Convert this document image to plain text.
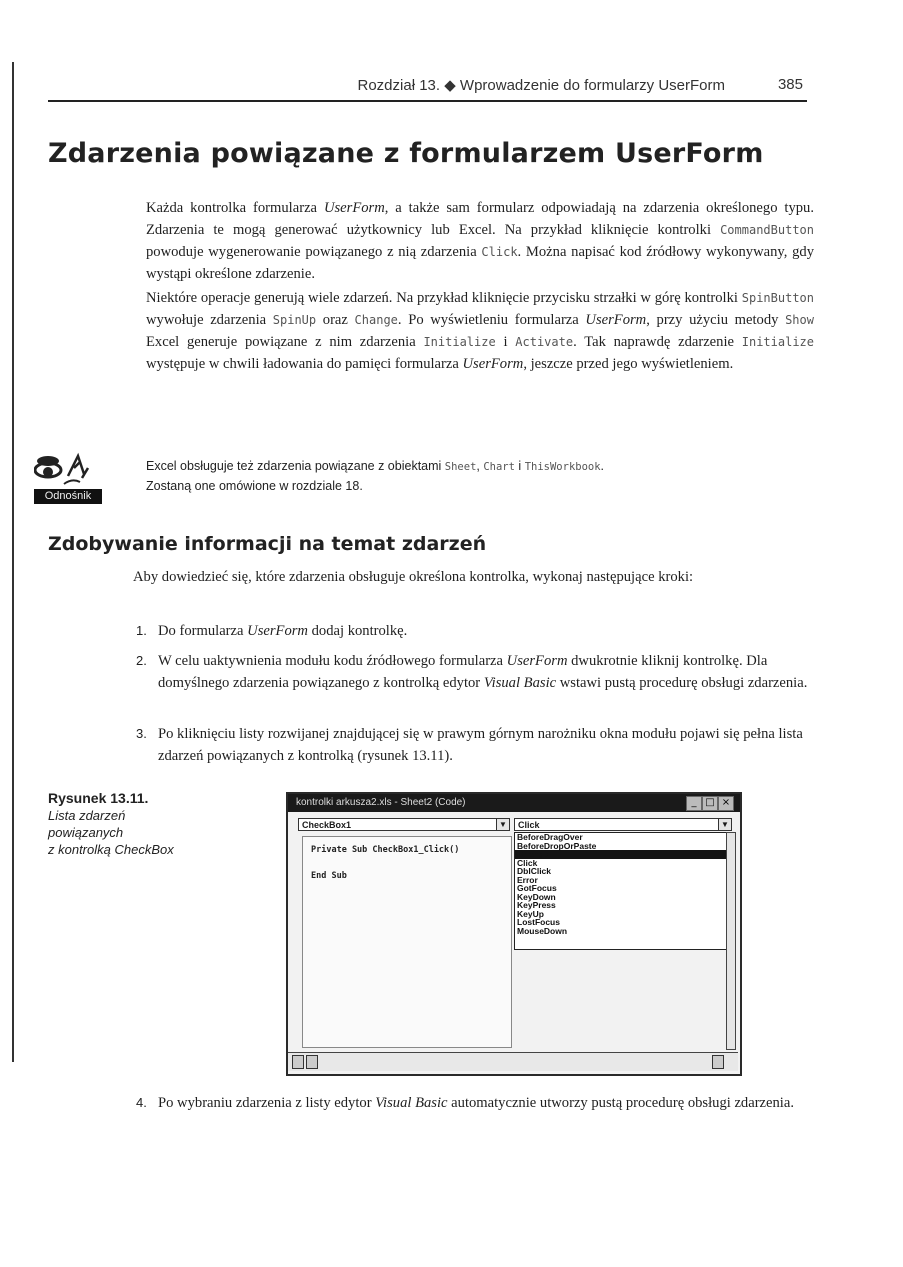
Rozdział 13. ◆ Wprowadzenie do formularzy UserForm	385
Zdarzenia powiązane z formularzem UserForm
Każda kontrolka formularza UserForm, a także sam formularz odpowiadają na zdarzenia określonego typu. Zdarzenia te mogą generować użytkownicy lub Excel. Na przykład kliknięcie kontrolki CommandButton powoduje wygenerowanie powiązanego z nią zdarzenia Click. Można napisać kod źródłowy wykonywany, gdy wystąpi określone zdarzenie.
Niektóre operacje generują wiele zdarzeń. Na przykład kliknięcie przycisku strzałki w górę kontrolki SpinButton wywołuje zdarzenia SpinUp oraz Change. Po wyświetleniu formularza UserForm, przy użyciu metody Show Excel generuje powiązane z nim zdarzenia Initialize i Activate. Tak naprawdę zdarzenie Initialize występuje w chwili ładowania do pamięci formularza UserForm, jeszcze przed jego wyświetleniem.
Odnośnik
Excel obsługuje też zdarzenia powiązane z obiektami Sheet, Chart i ThisWorkbook.
Zostaną one omówione w rozdziale 18.
Zdobywanie informacji na temat zdarzeń
Aby dowiedzieć się, które zdarzenia obsługuje określona kontrolka, wykonaj następujące kroki:
1. Do formularza UserForm dodaj kontrolkę.
2. W celu uaktywnienia modułu kodu źródłowego formularza UserForm dwukrotnie kliknij kontrolkę. Dla domyślnego zdarzenia powiązanego z kontrolką edytor Visual Basic wstawi pustą procedurę obsługi zdarzenia.
3. Po kliknięciu listy rozwijanej znajdującej się w prawym górnym narożniku okna modułu pojawi się pełna lista zdarzeń powiązanych z kontrolką (rysunek 13.11).
Rysunek 13.11.
Lista zdarzeń
powiązanych
z kontrolką CheckBox
kontrolki arkusza2.xls - Sheet2 (Code)	_ □ ×
CheckBox1	▼	Click	▼
Private Sub CheckBox1_Click()
End Sub
BeforeDragOver
BeforeDropOrPaste
Change
Click
DblClick
Error
GotFocus
KeyDown
KeyPress
KeyUp
LostFocus
MouseDown
4. Po wybraniu zdarzenia z listy edytor Visual Basic automatycznie utworzy pustą procedurę obsługi zdarzenia.
